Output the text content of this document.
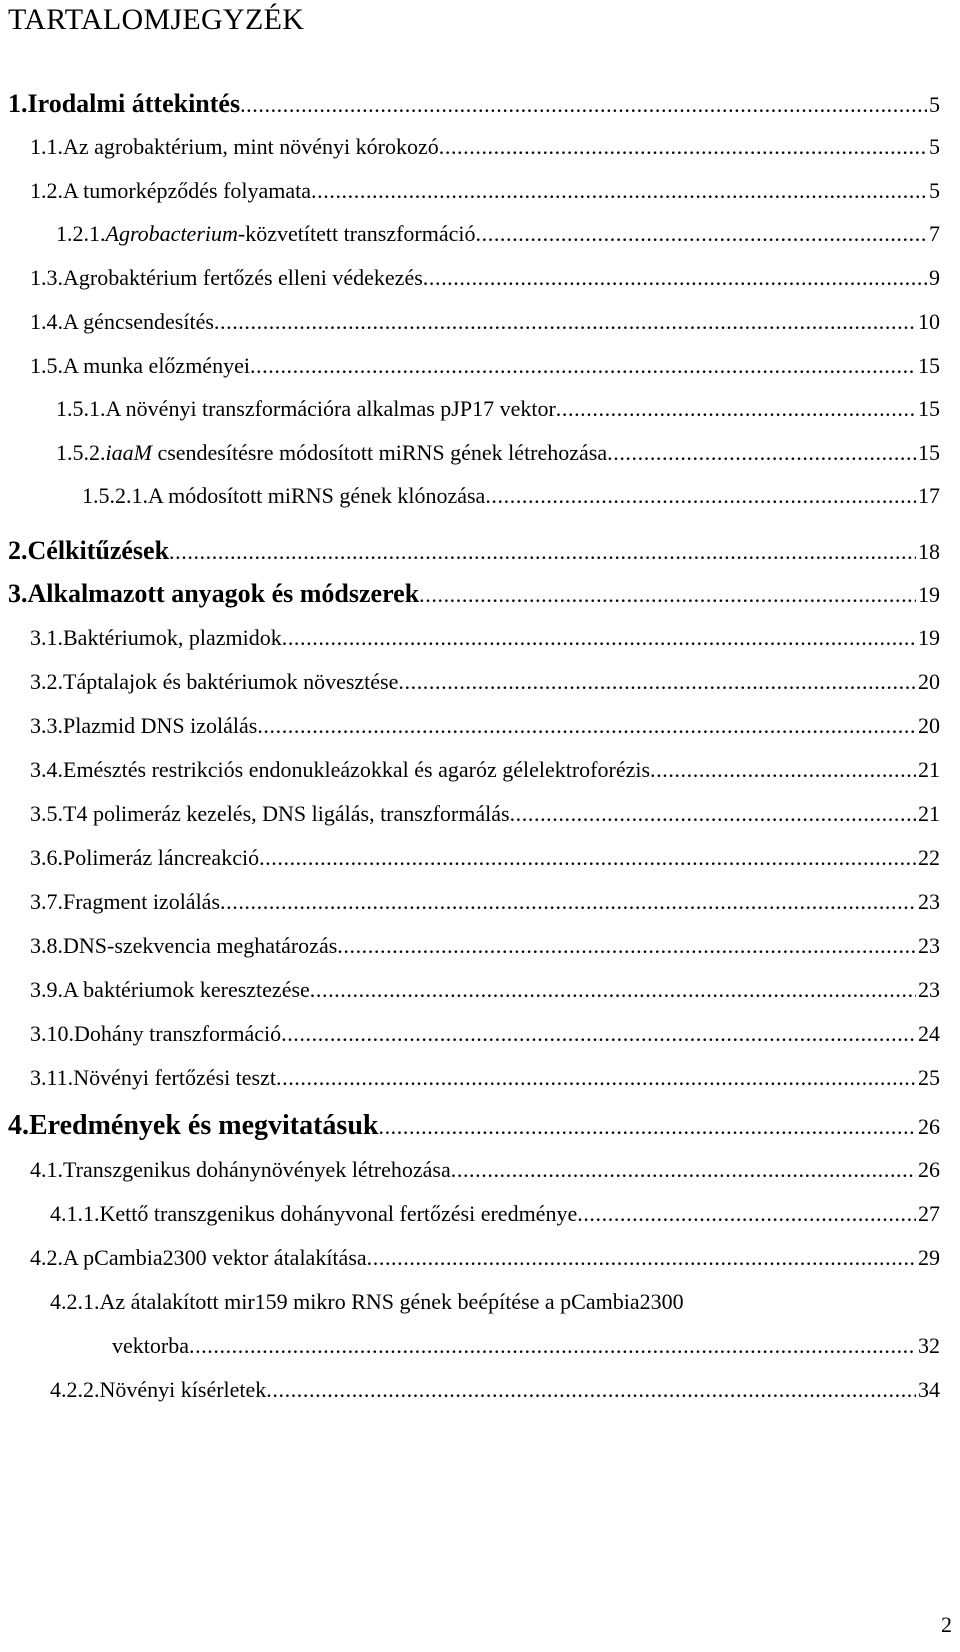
TARTALOMJEGYZÉK
1. Irodalmi áttekintés .....	5
1.1. Az agrobaktérium, mint növényi kórokozó .....	5
1.2. A tumorképződés folyamata .....	5
1.2.1. Agrobacterium-közvetített transzformáció .....	7
1.3. Agrobaktérium fertőzés elleni védekezés .....	9
1.4. A géncsendesítés .....	10
1.5. A munka előzményei .....	15
1.5.1. A növényi transzformációra alkalmas pJP17 vektor .....	15
1.5.2. iaaM csendesítésre módosított miRNS gének létrehozása .....	15
1.5.2.1. A módosított miRNS gének klónozása .....	17
2. Célkitűzések .....	18
3. Alkalmazott anyagok és módszerek .....	19
3.1. Baktériumok, plazmidok .....	19
3.2. Táptalajok és baktériumok növesztése .....	20
3.3. Plazmid DNS izolálás .....	20
3.4. Emésztés restrikciós endonukleázokkal és agaróz gélelektroforézis .....	21
3.5. T4 polimeráz kezelés, DNS ligálás, transzformálás .....	21
3.6. Polimeráz láncreakció .....	22
3.7. Fragment izolálás .....	23
3.8. DNS-szekvencia meghatározás .....	23
3.9. A baktériumok keresztezése .....	23
3.10. Dohány transzformáció .....	24
3.11. Növényi fertőzési teszt .....	25
4. Eredmények és megvitatásuk .....	26
4.1. Transzgenikus dohánynövények létrehozása .....	26
4.1.1. Kettő transzgenikus dohányvonal fertőzési eredménye .....	27
4.2. A pCambia2300 vektor átalakítása .....	29
4.2.1. Az átalakított mir159 mikro RNS gének beépítése a pCambia2300
vektorba .....	32
4.2.2. Növényi kísérletek .....	34
2
